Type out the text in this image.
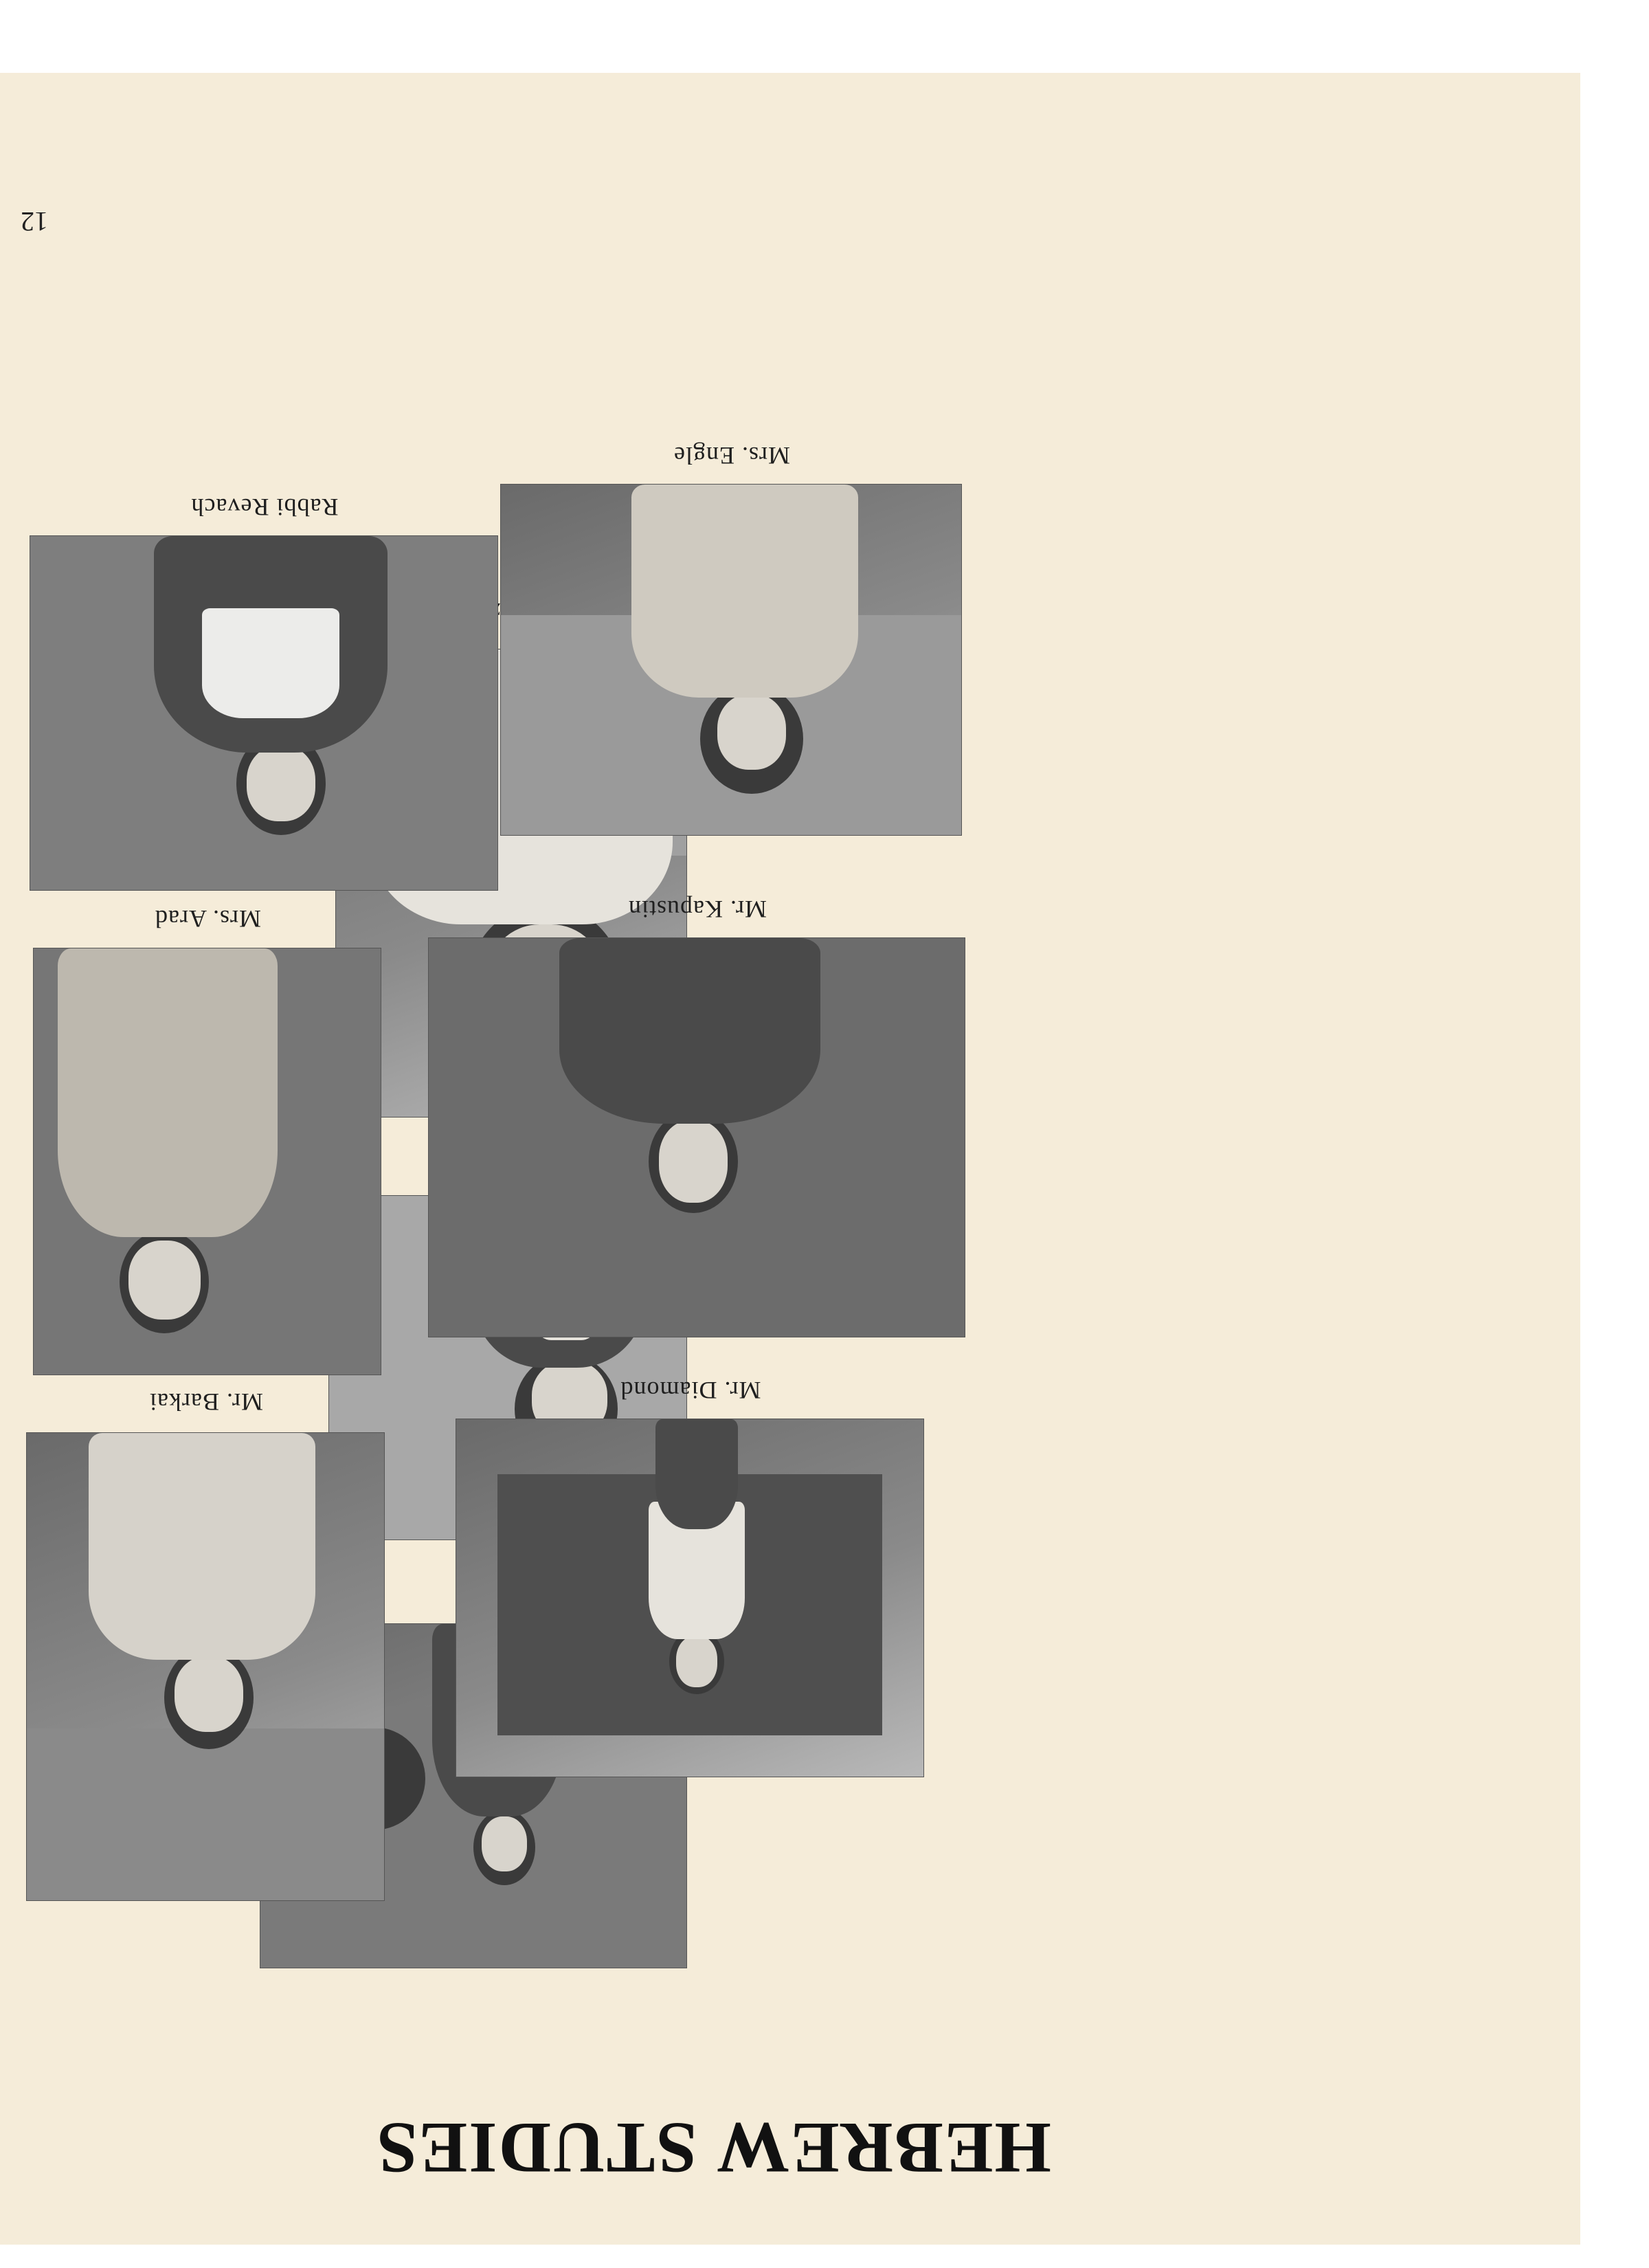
HEBREW STUDIES
12
Mr. Diamond
Mr. Kapustin
Mrs. Engle
Mr. Barkai
Mrs. Arad
Rabbi Revach
